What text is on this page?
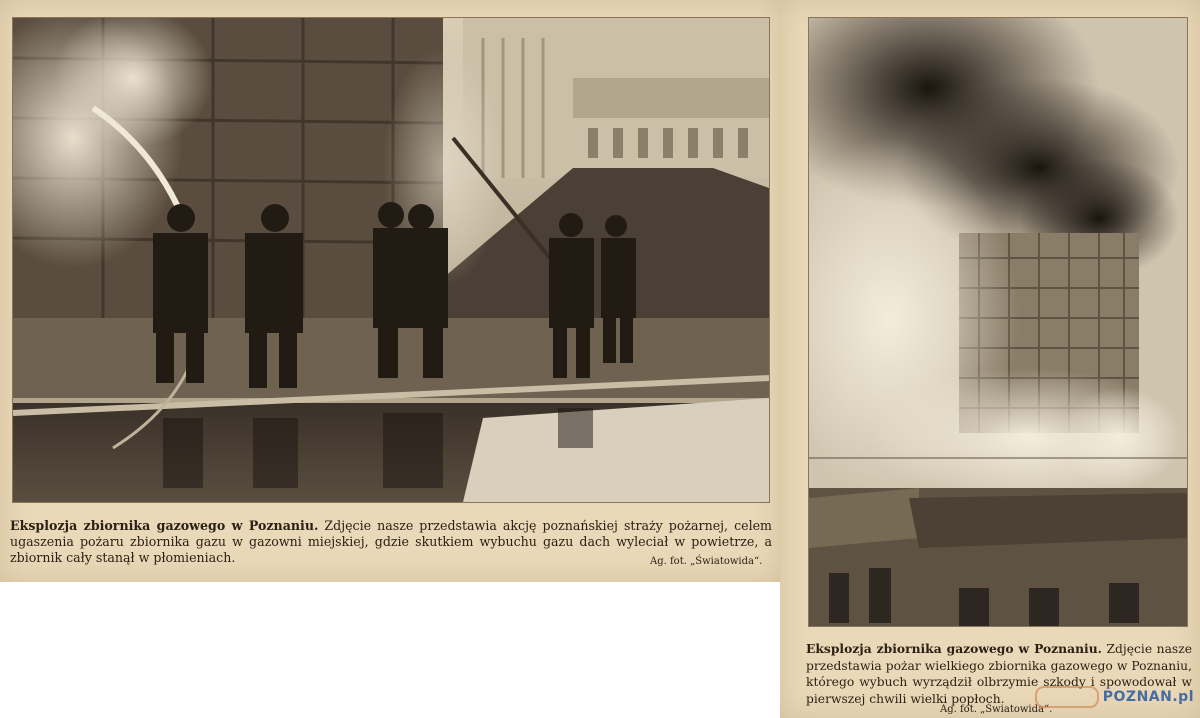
Eksplozja zbiornika gazowego w Poznaniu. Zdjęcie nasze przedstawia akcję poznańskiej straży pożarnej, celem ugaszenia pożaru zbiornika gazu w gazowni miejskiej, gdzie skutkiem wybuchu gazu dach wyleciał w powietrze, a zbiornik cały stanął w płomieniach.	Ag. fot. „Światowida“.
Eksplozja zbiornika gazowego w Poznaniu. Zdjęcie nasze przedstawia pożar wielkiego zbiornika gazowego w Poznaniu, którego wybuch wyrządził olbrzymie szkody i spowodował w pierwszej chwili wielki popłoch.
Ag. fot. „Światowida“.
POZNAN.pl
